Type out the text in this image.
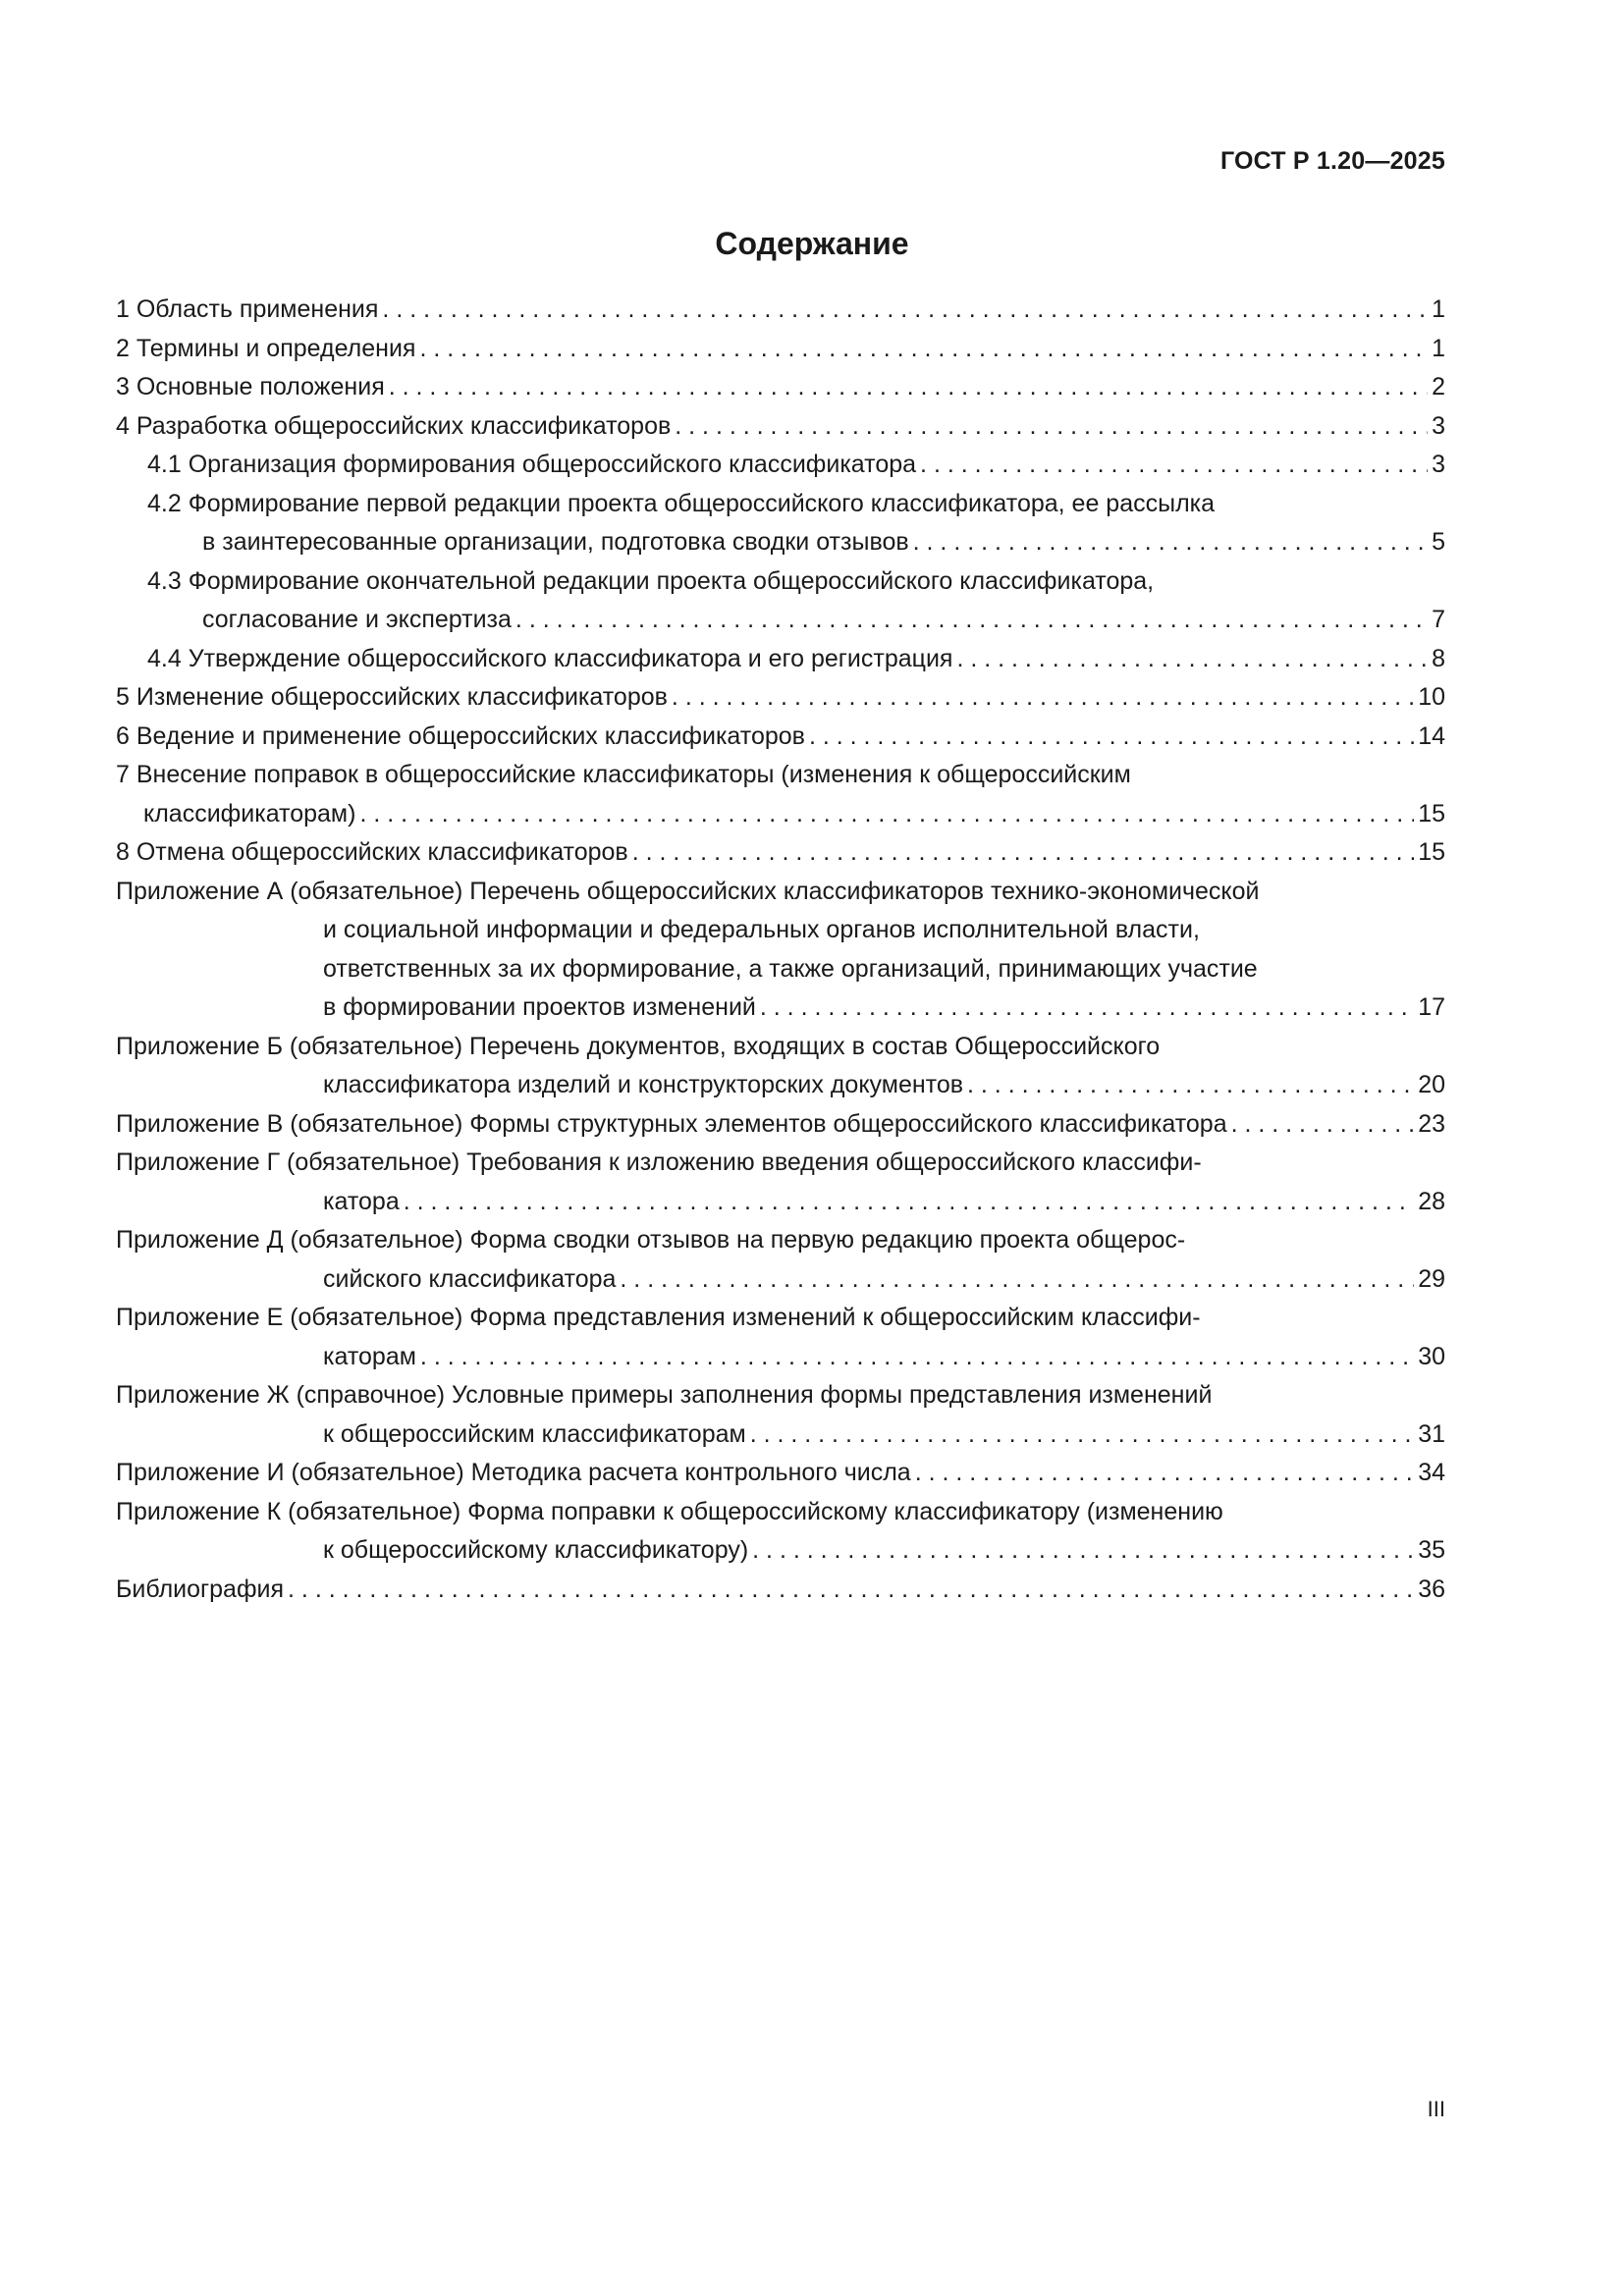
ГОСТ Р 1.20—2025
Содержание
1 Область применения . . .	1
2 Термины и определения . . .	1
3 Основные положения . . .	2
4 Разработка общероссийских классификаторов . . .	3
4.1 Организация формирования общероссийского классификатора . . .	3
4.2 Формирование первой редакции проекта общероссийского классификатора, ее рассылка
в заинтересованные организации, подготовка сводки отзывов . . .	5
4.3 Формирование окончательной редакции проекта общероссийского классификатора,
согласование и экспертиза . . .	7
4.4 Утверждение общероссийского классификатора и его регистрация . . .	8
5 Изменение общероссийских классификаторов . . .	10
6 Ведение и применение общероссийских классификаторов . . .	14
7 Внесение поправок в общероссийские классификаторы (изменения к общероссийским
классификаторам) . . .	15
8 Отмена общероссийских классификаторов . . .	15
Приложение А (обязательное) Перечень общероссийских классификаторов технико-экономической
и социальной информации и федеральных органов исполнительной власти,
ответственных за их формирование, а также организаций, принимающих участие
в формировании проектов изменений . . .	17
Приложение Б (обязательное) Перечень документов, входящих в состав Общероссийского
классификатора изделий и конструкторских документов . . .	20
Приложение В (обязательное) Формы структурных элементов общероссийского классификатора . . .	23
Приложение Г (обязательное) Требования к изложению введения общероссийского классифи-
катора . . .	28
Приложение Д (обязательное) Форма сводки отзывов на первую редакцию проекта общерос-
сийского классификатора . . .	29
Приложение Е (обязательное) Форма представления изменений к общероссийским классифи-
каторам . . .	30
Приложение Ж (справочное) Условные примеры заполнения формы представления изменений
к общероссийским классификаторам . . .	31
Приложение И (обязательное) Методика расчета контрольного числа . . .	34
Приложение К (обязательное) Форма поправки к общероссийскому классификатору (изменению
к общероссийскому классификатору) . . .	35
Библиография . . .	36
III
